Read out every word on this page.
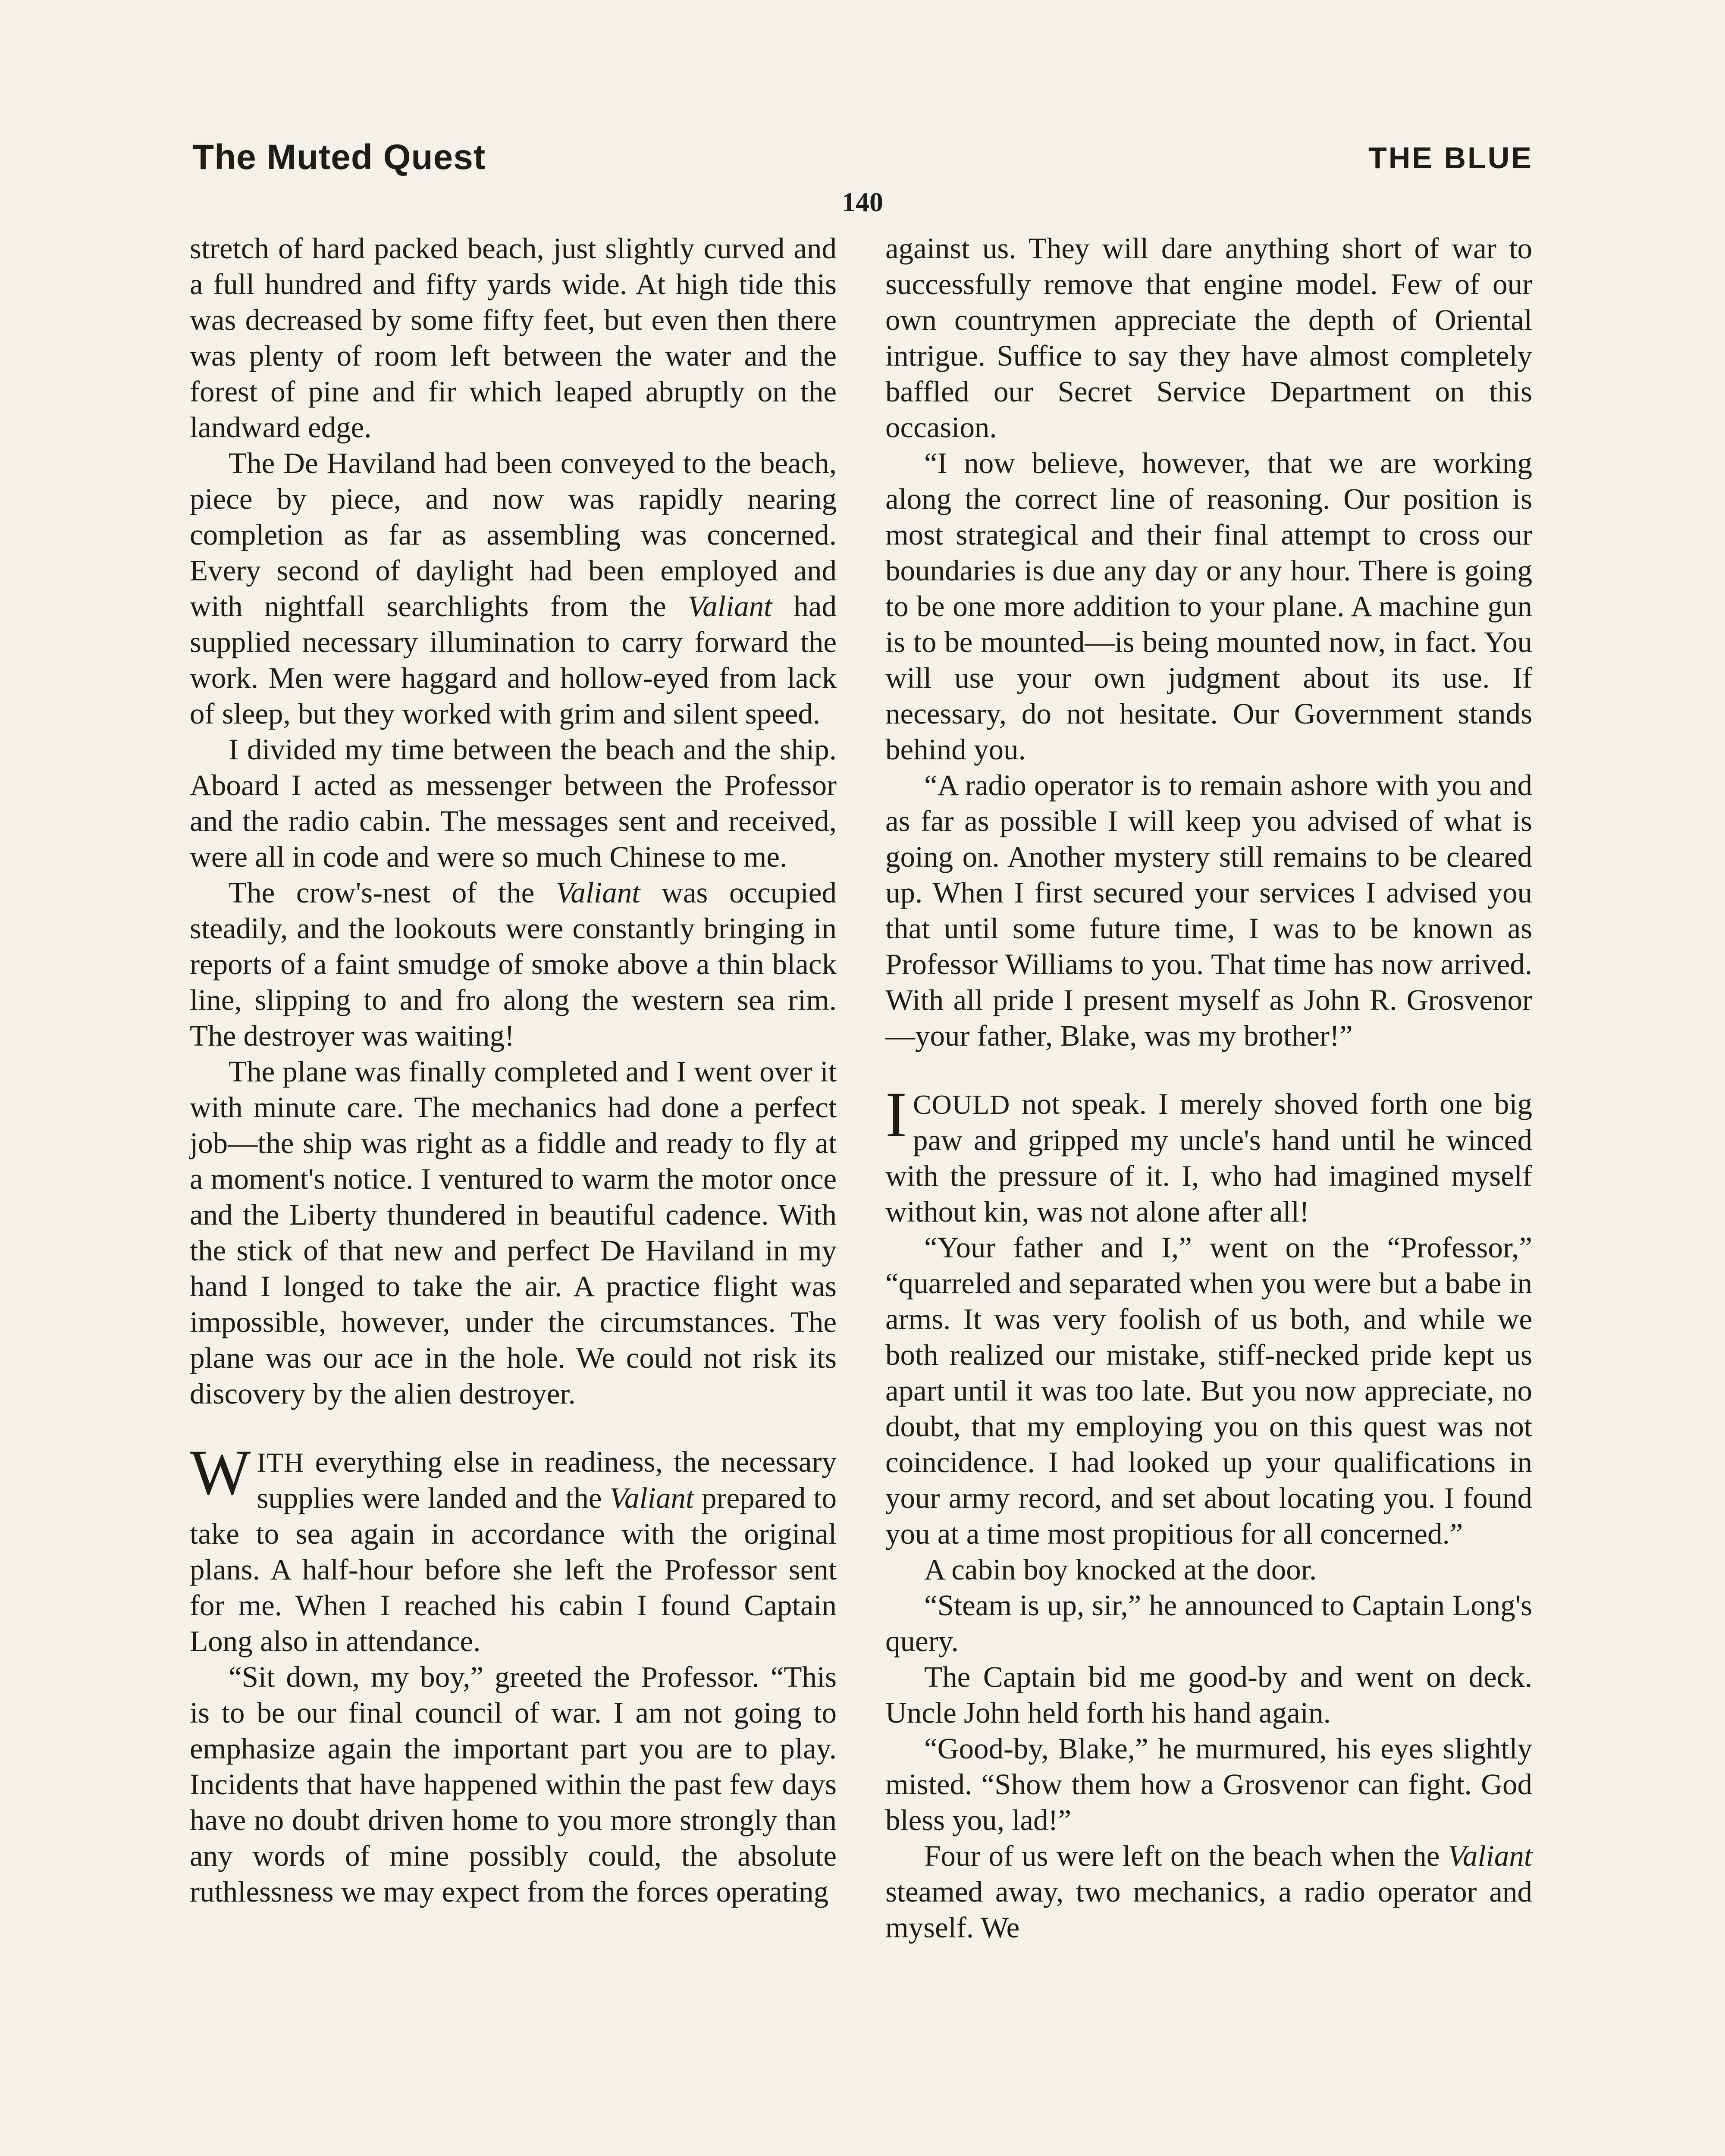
The Muted Quest	THE BLUE
140

stretch of hard packed beach, just slightly curved and a full hundred and fifty yards wide. At high tide this was decreased by some fifty feet, but even then there was plenty of room left between the water and the forest of pine and fir which leaped abruptly on the landward edge.

The De Haviland had been conveyed to the beach, piece by piece, and now was rapidly nearing completion as far as assembling was concerned. Every second of daylight had been employed and with nightfall searchlights from the Valiant had supplied necessary illumination to carry forward the work. Men were haggard and hollow-eyed from lack of sleep, but they worked with grim and silent speed.

I divided my time between the beach and the ship. Aboard I acted as messenger between the Professor and the radio cabin. The messages sent and received, were all in code and were so much Chinese to me.

The crow's-nest of the Valiant was occupied steadily, and the lookouts were constantly bringing in reports of a faint smudge of smoke above a thin black line, slipping to and fro along the western sea rim. The destroyer was waiting!

The plane was finally completed and I went over it with minute care. The mechanics had done a perfect job—the ship was right as a fiddle and ready to fly at a moment's notice. I ventured to warm the motor once and the Liberty thundered in beautiful cadence. With the stick of that new and perfect De Haviland in my hand I longed to take the air. A practice flight was impossible, however, under the circumstances. The plane was our ace in the hole. We could not risk its discovery by the alien destroyer.

WITH everything else in readiness, the necessary supplies were landed and the Valiant prepared to take to sea again in accordance with the original plans. A half-hour before she left the Professor sent for me. When I reached his cabin I found Captain Long also in attendance.

“Sit down, my boy,” greeted the Professor. “This is to be our final council of war. I am not going to emphasize again the important part you are to play. Incidents that have happened within the past few days have no doubt driven home to you more strongly than any words of mine possibly could, the absolute ruthlessness we may expect from the forces operating

against us. They will dare anything short of war to successfully remove that engine model. Few of our own countrymen appreciate the depth of Oriental intrigue. Suffice to say they have almost completely baffled our Secret Service Department on this occasion.

“I now believe, however, that we are working along the correct line of reasoning. Our position is most strategical and their final attempt to cross our boundaries is due any day or any hour. There is going to be one more addition to your plane. A machine gun is to be mounted—is being mounted now, in fact. You will use your own judgment about its use. If necessary, do not hesitate. Our Government stands behind you.

“A radio operator is to remain ashore with you and as far as possible I will keep you advised of what is going on. Another mystery still remains to be cleared up. When I first secured your services I advised you that until some future time, I was to be known as Professor Williams to you. That time has now arrived. With all pride I present myself as John R. Grosvenor—your father, Blake, was my brother!”

ICOULD not speak. I merely shoved forth one big paw and gripped my uncle's hand until he winced with the pressure of it. I, who had imagined myself without kin, was not alone after all!

“Your father and I,” went on the “Professor,” “quarreled and separated when you were but a babe in arms. It was very foolish of us both, and while we both realized our mistake, stiff-necked pride kept us apart until it was too late. But you now appreciate, no doubt, that my employing you on this quest was not coincidence. I had looked up your qualifications in your army record, and set about locating you. I found you at a time most propitious for all concerned.”

A cabin boy knocked at the door.

“Steam is up, sir,” he announced to Captain Long's query.

The Captain bid me good-by and went on deck. Uncle John held forth his hand again.

“Good-by, Blake,” he murmured, his eyes slightly misted. “Show them how a Grosvenor can fight. God bless you, lad!”

Four of us were left on the beach when the Valiant steamed away, two mechanics, a radio operator and myself. We
